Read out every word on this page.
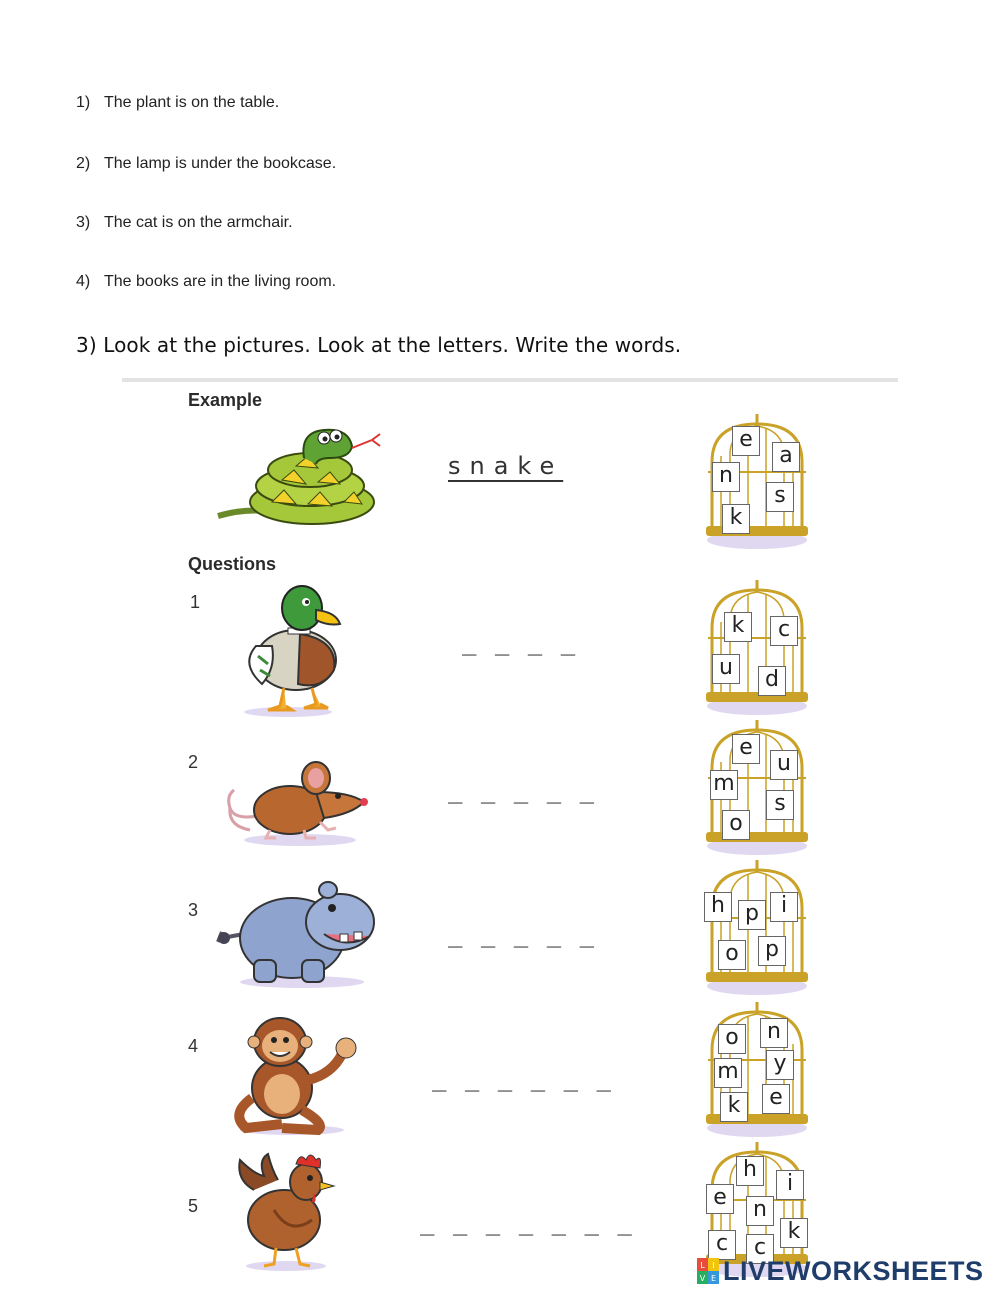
1) The plant is on the table.
2) The lamp is under the bookcase.
3) The cat is on the armchair.
4) The books are in the living room.
3) Look at the pictures. Look at the letters. Write the words.
Example
snake
e
a
n
s
k
Questions
1
_ _ _ _
k	c
u	d
2
_ _ _ _ _
e
u
m
s
o
3
_ _ _ _ _
h p i
o	p
4
_ _ _ _ _ _
o	n
m	y
k	e
5
_ _ _ _ _ _ _
h
i
e	n
k
c	c
L I
V E LIVEWORKSHEETS
